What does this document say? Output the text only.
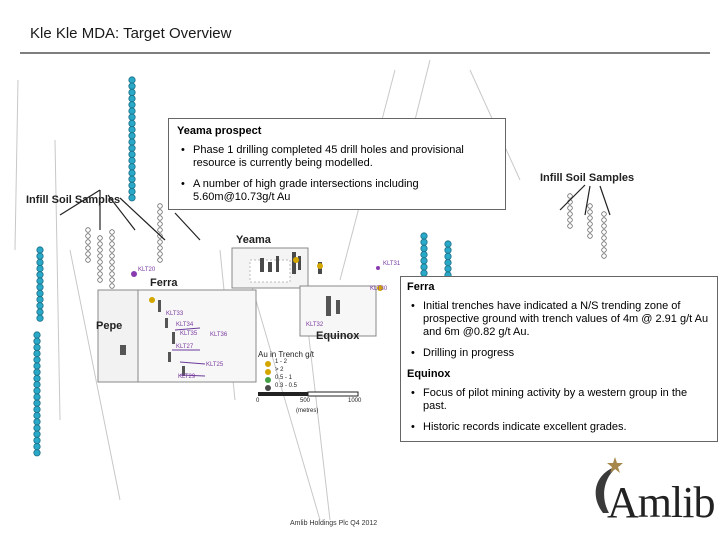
Kle Kle MDA: Target Overview
Infill Soil Samples
Infill Soil Samples
Yeama
Ferra
Pepe
Equinox
KLT20
KLT31
KLT30
KLT32
KLT33
KLT34
KLT35
KLT27
KLT36
KLT25
KLT29
Au in Trench g/t
1 - 2
> 2
0.5 - 1
0.3 - 0.5
0	500	1000
(metres)
Yeama prospect
• Phase 1 drilling completed 45 drill holes and provisional resource is currently being modelled.
• A number of high grade intersections including 5.60m@10.73g/t Au
Ferra
• Initial trenches have indicated a N/S trending zone of prospective ground with trench values of 4m @ 2.91 g/t Au and 6m @0.82 g/t Au.
• Drilling in progress
Equinox
• Focus of pilot mining activity by a western group in the past.
• Historic records indicate excellent grades.
Amlib
Amlib Holdings Plc Q4 2012
